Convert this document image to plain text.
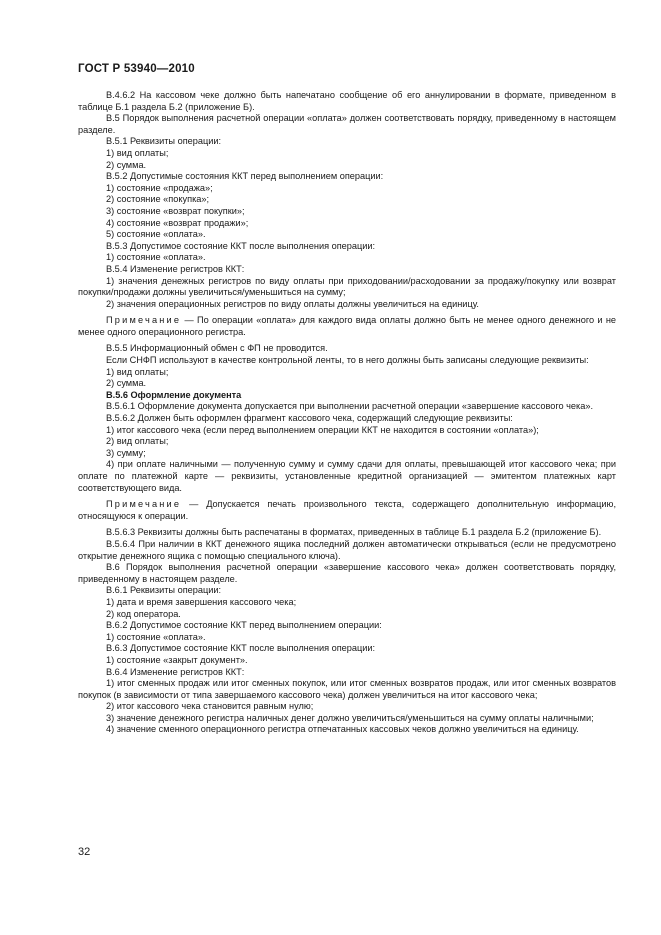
ГОСТ Р 53940—2010

В.4.6.2 На кассовом чеке должно быть напечатано сообщение об его аннулировании в формате, приведенном в таблице Б.1 раздела Б.2 (приложение Б).

В.5 Порядок выполнения расчетной операции «оплата» должен соответствовать порядку, приведенному в настоящем разделе.

В.5.1 Реквизиты операции:

1) вид оплаты;

2) сумма.

В.5.2 Допустимые состояния ККТ перед выполнением операции:

1) состояние «продажа»;

2) состояние «покупка»;

3) состояние «возврат покупки»;

4) состояние «возврат продажи»;

5) состояние «оплата».

В.5.3 Допустимое состояние ККТ после выполнения операции:

1) состояние «оплата».

В.5.4 Изменение регистров ККТ:

1) значения денежных регистров по виду оплаты при приходовании/расходовании за продажу/покупку или возврат покупки/продажи должны увеличиться/уменьшиться на сумму;

2) значения операционных регистров по виду оплаты должны увеличиться на единицу.

Примечание — По операции «оплата» для каждого вида оплаты должно быть не менее одного денежного и не менее одного операционного регистра.

В.5.5 Информационный обмен с ФП не проводится.

Если СНФП используют в качестве контрольной ленты, то в него должны быть записаны следующие реквизиты:

1) вид оплаты;

2) сумма.

В.5.6 Оформление документа

В.5.6.1 Оформление документа допускается при выполнении расчетной операции «завершение кассового чека».

В.5.6.2 Должен быть оформлен фрагмент кассового чека, содержащий следующие реквизиты:

1) итог кассового чека (если перед выполнением операции ККТ не находится в состоянии «оплата»);

2) вид оплаты;

3) сумму;

4) при оплате наличными — полученную сумму и сумму сдачи для оплаты, превышающей итог кассового чека; при оплате по платежной карте — реквизиты, установленные кредитной организацией — эмитентом платежных карт соответствующего вида.

Примечание — Допускается печать произвольного текста, содержащего дополнительную информацию, относящуюся к операции.

В.5.6.3 Реквизиты должны быть распечатаны в форматах, приведенных в таблице Б.1 раздела Б.2 (приложение Б).

В.5.6.4 При наличии в ККТ денежного ящика последний должен автоматически открываться (если не предусмотрено открытие денежного ящика с помощью специального ключа).

В.6 Порядок выполнения расчетной операции «завершение кассового чека» должен соответствовать порядку, приведенному в настоящем разделе.

В.6.1 Реквизиты операции:

1) дата и время завершения кассового чека;

2) код оператора.

В.6.2 Допустимое состояние ККТ перед выполнением операции:

1) состояние «оплата».

В.6.3 Допустимое состояние ККТ после выполнения операции:

1) состояние «закрыт документ».

В.6.4 Изменение регистров ККТ:

1) итог сменных продаж или итог сменных покупок, или итог сменных возвратов продаж, или итог сменных возвратов покупок (в зависимости от типа завершаемого кассового чека) должен увеличиться на итог кассового чека;

2) итог кассового чека становится равным нулю;

3) значение денежного регистра наличных денег должно увеличиться/уменьшиться на сумму оплаты наличными;

4) значение сменного операционного регистра отпечатанных кассовых чеков должно увеличиться на единицу.

32
